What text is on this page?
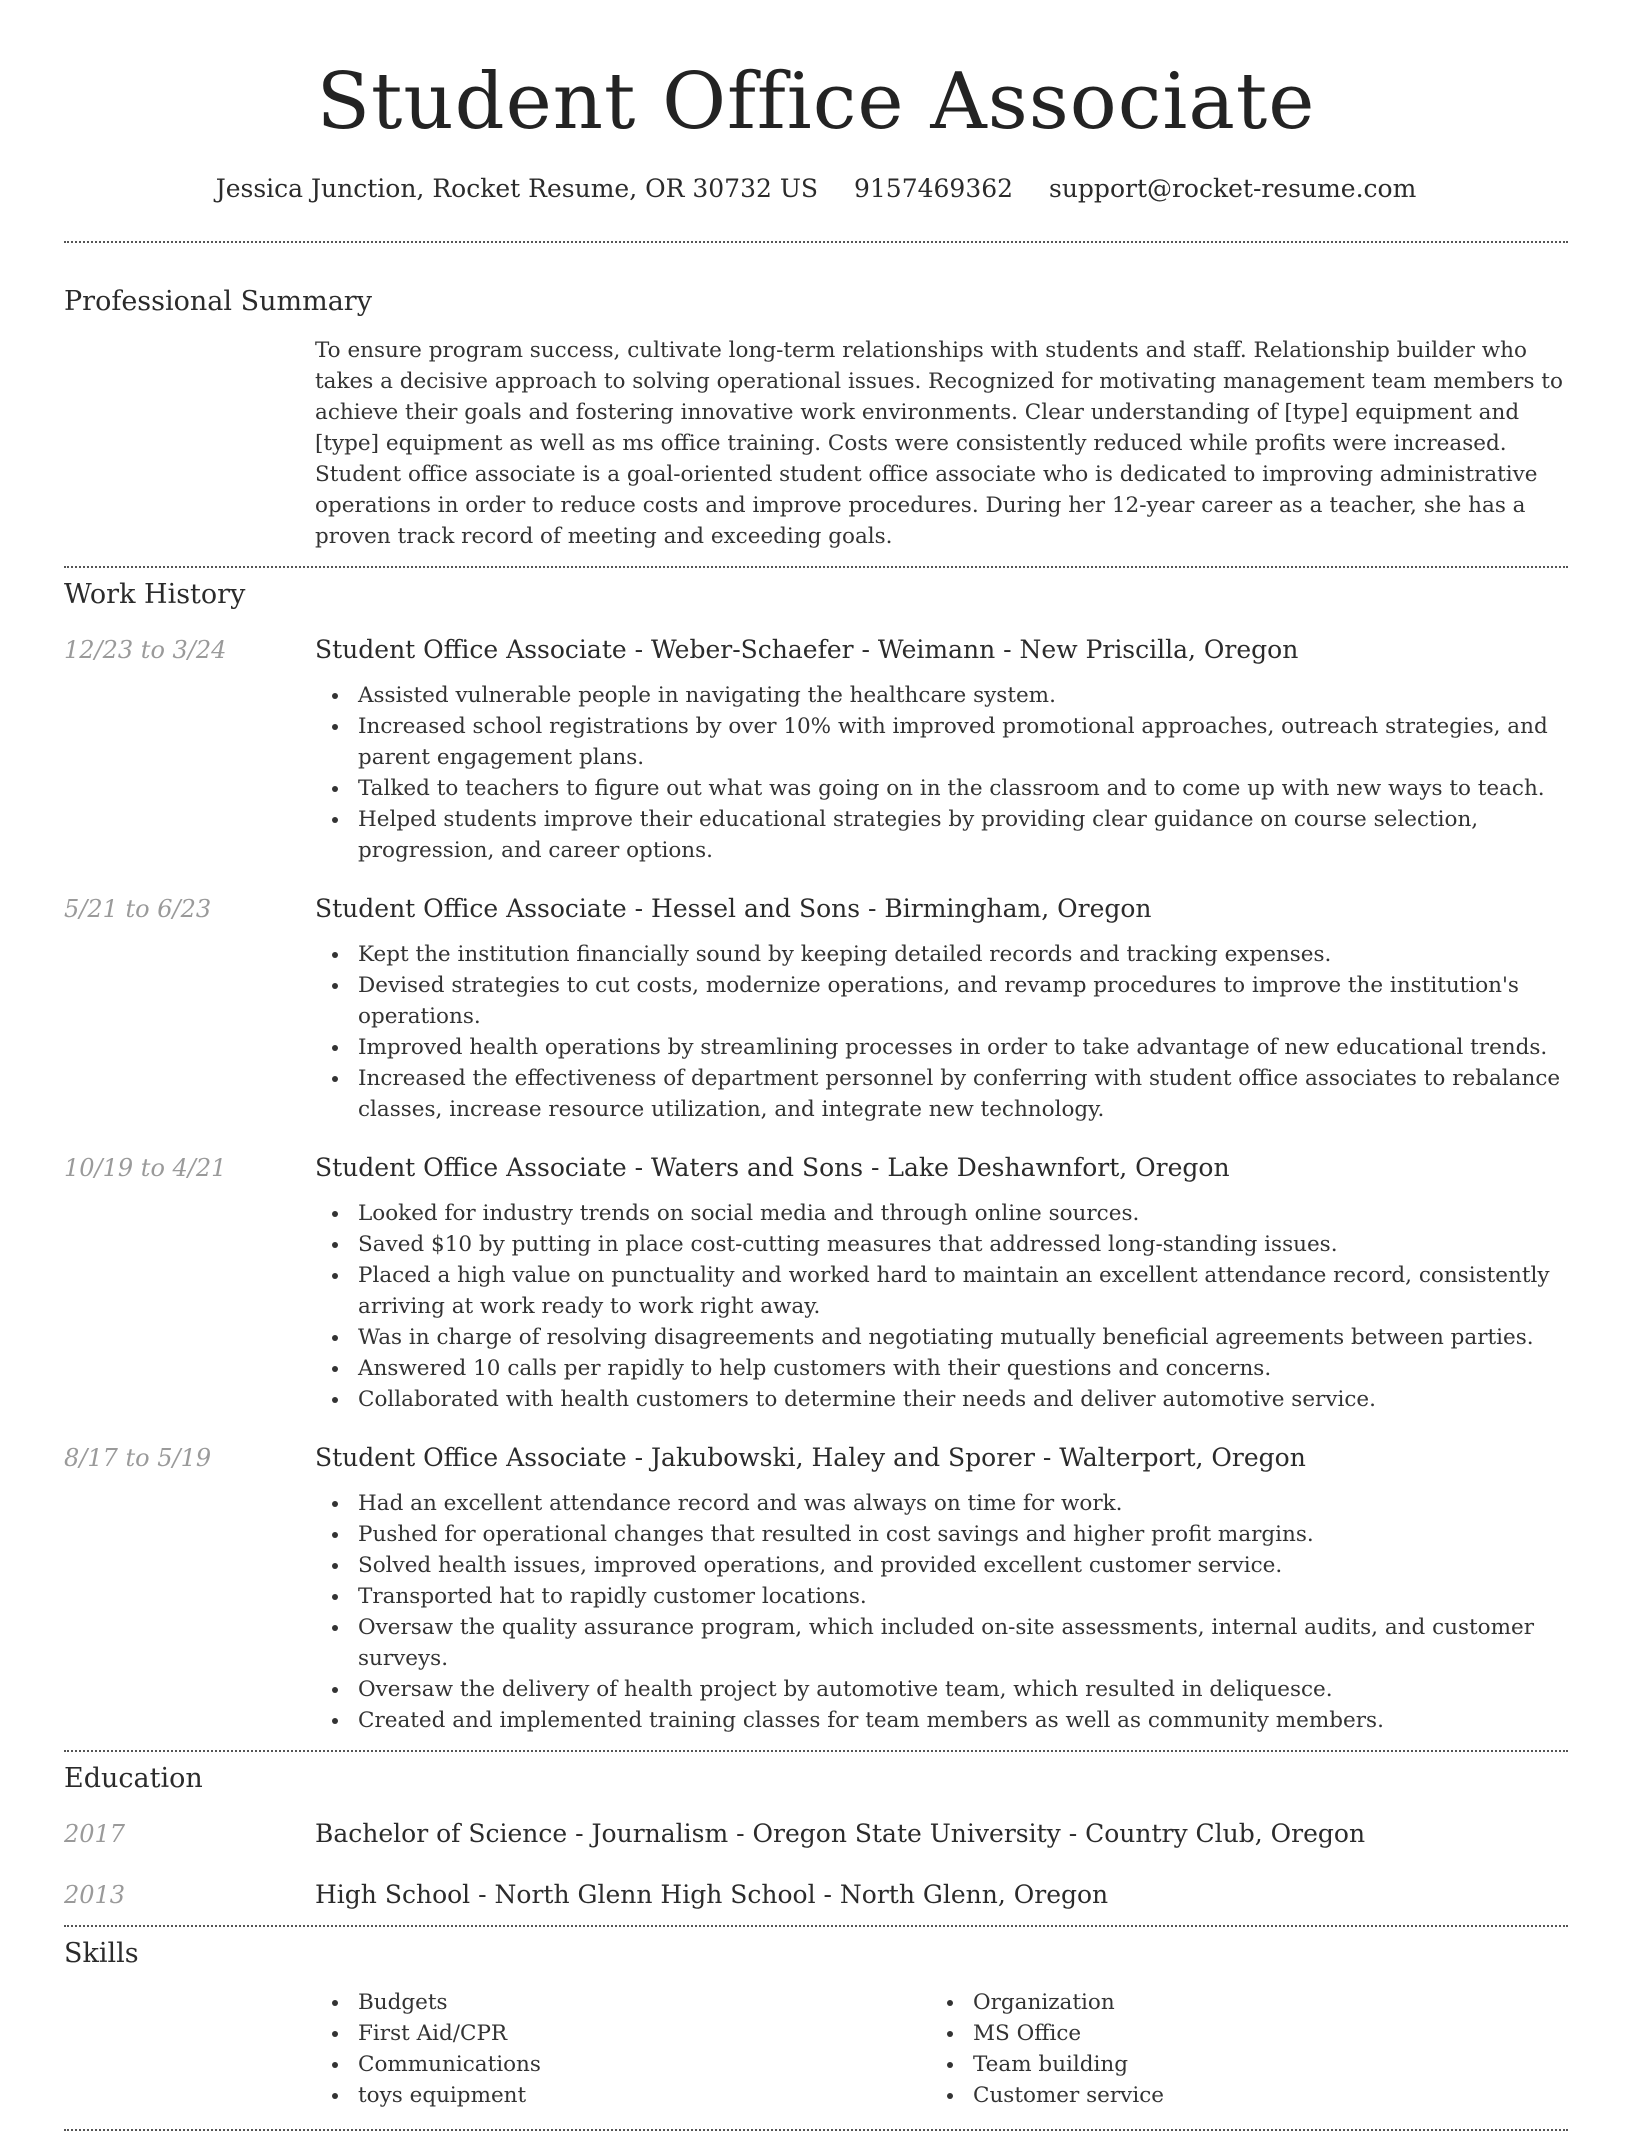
Student Office Associate
Jessica Junction, Rocket Resume, OR 30732 US 9157469362 support@rocket-resume.com
Professional Summary
To ensure program success, cultivate long-term relationships with students and staff. Relationship builder who takes a decisive approach to solving operational issues. Recognized for motivating management team members to achieve their goals and fostering innovative work environments. Clear understanding of [type] equipment and [type] equipment as well as ms office training. Costs were consistently reduced while profits were increased. Student office associate is a goal-oriented student office associate who is dedicated to improving administrative operations in order to reduce costs and improve procedures. During her 12-year career as a teacher, she has a proven track record of meeting and exceeding goals.
Work History
12/23 to 3/24	Student Office Associate - Weber-Schaefer - Weimann - New Priscilla, Oregon
Assisted vulnerable people in navigating the healthcare system.
Increased school registrations by over 10% with improved promotional approaches, outreach strategies, and parent engagement plans.
Talked to teachers to figure out what was going on in the classroom and to come up with new ways to teach.
Helped students improve their educational strategies by providing clear guidance on course selection, progression, and career options.
5/21 to 6/23	Student Office Associate - Hessel and Sons - Birmingham, Oregon
Kept the institution financially sound by keeping detailed records and tracking expenses.
Devised strategies to cut costs, modernize operations, and revamp procedures to improve the institution's operations.
Improved health operations by streamlining processes in order to take advantage of new educational trends.
Increased the effectiveness of department personnel by conferring with student office associates to rebalance classes, increase resource utilization, and integrate new technology.
10/19 to 4/21	Student Office Associate - Waters and Sons - Lake Deshawnfort, Oregon
Looked for industry trends on social media and through online sources.
Saved $10 by putting in place cost-cutting measures that addressed long-standing issues.
Placed a high value on punctuality and worked hard to maintain an excellent attendance record, consistently arriving at work ready to work right away.
Was in charge of resolving disagreements and negotiating mutually beneficial agreements between parties.
Answered 10 calls per rapidly to help customers with their questions and concerns.
Collaborated with health customers to determine their needs and deliver automotive service.
8/17 to 5/19	Student Office Associate - Jakubowski, Haley and Sporer - Walterport, Oregon
Had an excellent attendance record and was always on time for work.
Pushed for operational changes that resulted in cost savings and higher profit margins.
Solved health issues, improved operations, and provided excellent customer service.
Transported hat to rapidly customer locations.
Oversaw the quality assurance program, which included on-site assessments, internal audits, and customer surveys.
Oversaw the delivery of health project by automotive team, which resulted in deliquesce.
Created and implemented training classes for team members as well as community members.
Education
2017	Bachelor of Science - Journalism - Oregon State University - Country Club, Oregon
2013	High School - North Glenn High School - North Glenn, Oregon
Skills
Budgets
First Aid/CPR
Communications
toys equipment
Organization
MS Office
Team building
Customer service
